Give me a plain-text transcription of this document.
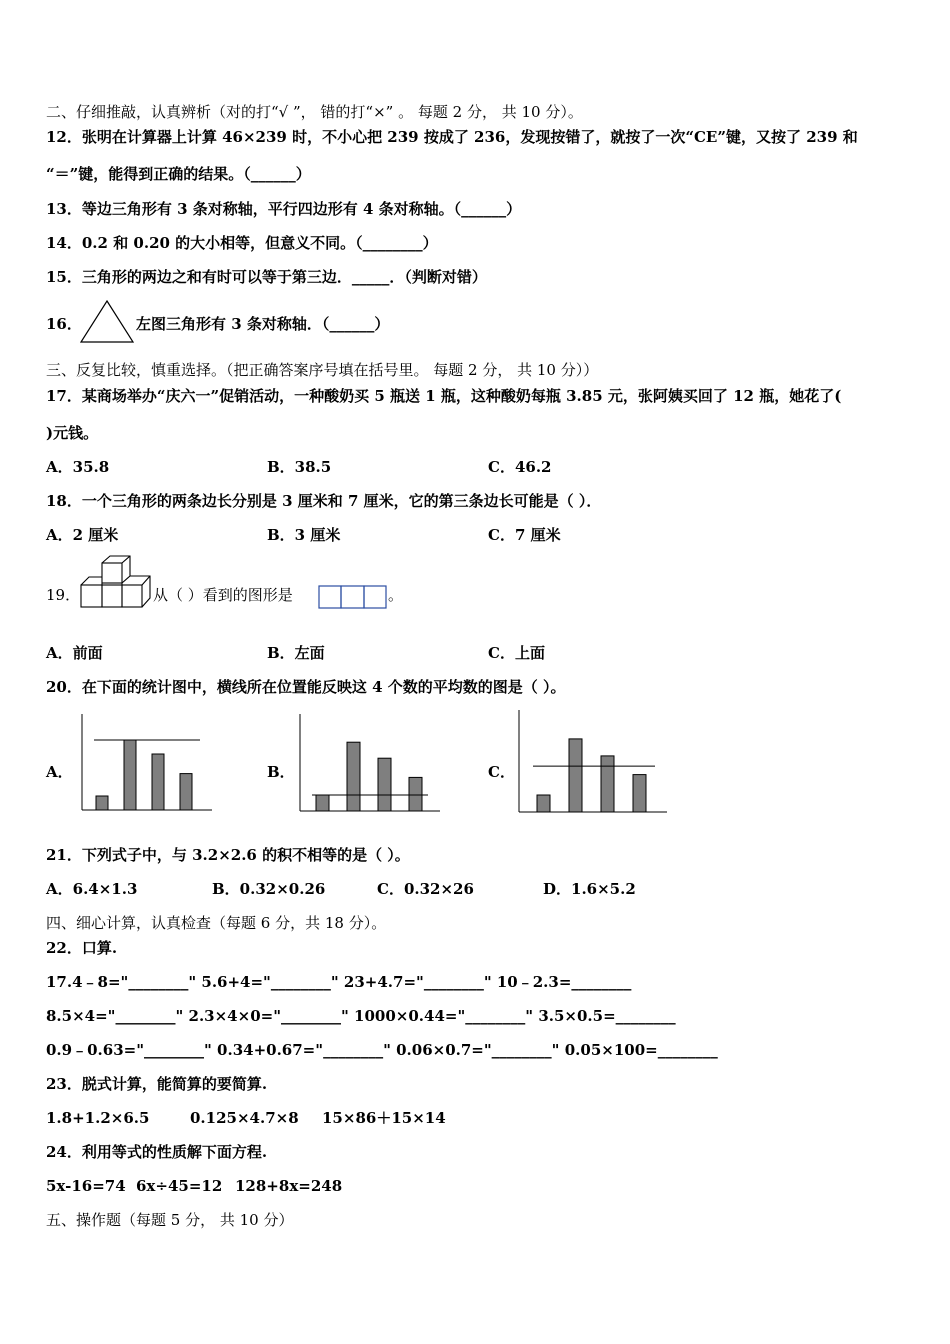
二、仔细推敲，认真辨析（对的打“√ ”， 错的打“×” 。 每题 2 分， 共 10 分）。
12．张明在计算器上计算 46×239 时，不小心把 239 按成了 236，发现按错了，就按了一次“CE”键，又按了 239 和
“＝”键，能得到正确的结果。（______）
13．等边三角形有 3 条对称轴，平行四边形有 4 条对称轴。（______）
14．0.2 和 0.20 的大小相等，但意义不同。（________）
15．三角形的两边之和有时可以等于第三边．_____．（判断对错）
16．	左图三角形有 3 条对称轴．（______）
三、反复比较，慎重选择。（把正确答案序号填在括号里。 每题 2 分， 共 10 分））
17．某商场举办“庆六一”促销活动，一种酸奶买 5 瓶送 1 瓶，这种酸奶每瓶 3.85 元，张阿姨买回了 12 瓶，她花了(
)元钱。
A．35.8	B．38.5	C．46.2
18．一个三角形的两条边长分别是 3 厘米和 7 厘米，它的第三条边长可能是（ ）．
A．2 厘米	B．3 厘米	C．7 厘米
19．	从（ ）看到的图形是	。
A．前面	B．左面	C．上面
20．在下面的统计图中，横线所在位置能反映这 4 个数的平均数的图是（ ）。
A．	B．	C．
21．下列式子中，与 3.2×2.6 的积不相等的是（ ）。
A．6.4×1.3	B．0.32×0.26	C．0.32×26	D．1.6×5.2
四、细心计算，认真检查（每题 6 分，共 18 分）。
22．口算.
17.4﹣8="________" 5.6+4="________" 23+4.7="________" 10﹣2.3=________
8.5×4="________" 2.3×4×0="________" 1000×0.44="________" 3.5×0.5=________
0.9﹣0.63="________" 0.34+0.67="________" 0.06×0.7="________" 0.05×100=________
23．脱式计算，能简算的要简算.
1.8+1.2×6.5	0.125×4.7×8 15×86＋15×14
24．利用等式的性质解下面方程.
5x-16=74 6x÷45=12 128+8x=248
五、操作题（每题 5 分， 共 10 分）
